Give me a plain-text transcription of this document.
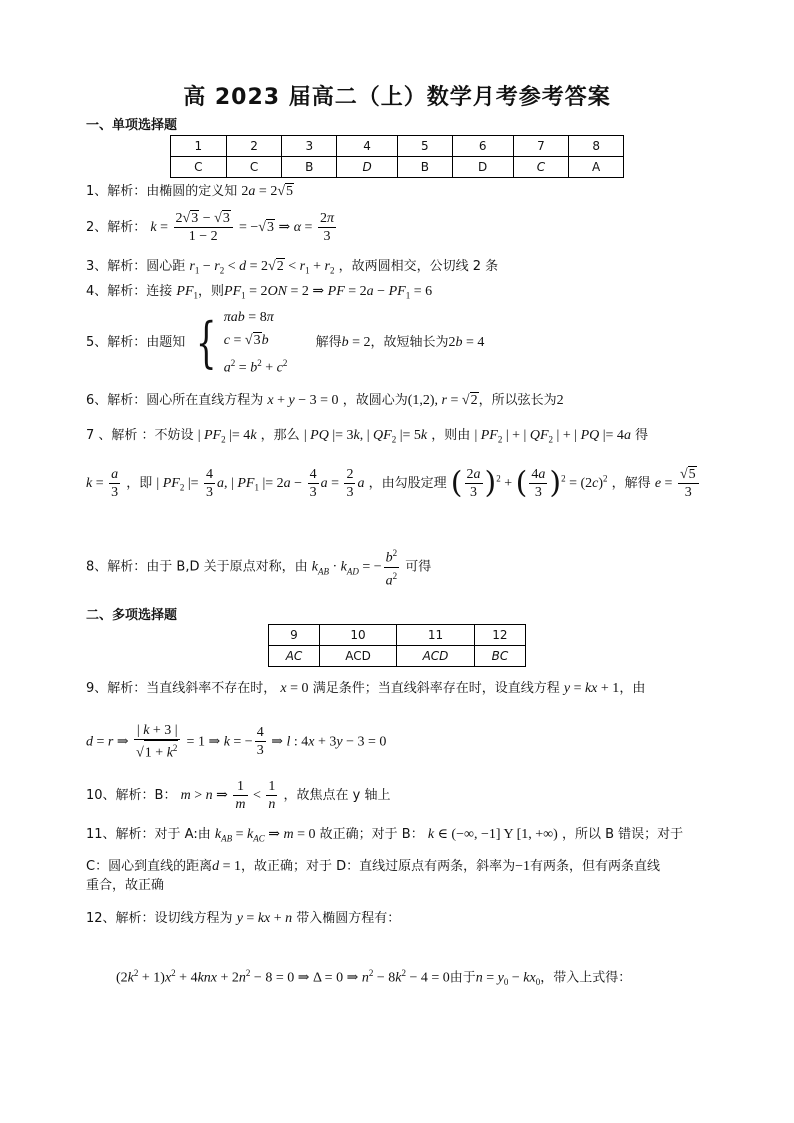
高 2023 届高二（上）数学月考参考答案
一、单项选择题
1	2	3	4	5	6	7	8
C	C	B	D	B	D	C	A
1、解析：由椭圆的定义知 2a = 2√5
2、解析： $k = \frac{2√3 - √3}{1 - 2} = -√3$ ⇒ $\alpha = \frac{2\pi}{3}$
3、解析：圆心距 $r_1 - r_2 < d = 2√2 < r_1 + r_2$ ，故两圆相交，公切线 2 条
4、解析：连接 $PF_1$，则$PF_1 = 2ON = 2$ ⇒ PF = $2a - PF_1 = 6$
5、解析：由题知 { πab = 8π
c = √3b
$a^2 = b^2 + c^2$  解得b = 2，故短轴长为2b = 4
6、解析：圆心所在直线方程为 x + y − 3 = 0 ，故圆心为(1,2), r = √2，所以弦长为2
7 、解析 ：不妨设 | $PF_2$ |= 4k ，那么 | PQ |= 3k, | $QF_2$ |= 5k ，则由 | $PF_2$ | + | $QF_2$ | + | PQ |= 4a 得
$k = \frac{a}{3}$ ，即 | $PF_2$ |= $\frac{4}{3} a$, | $PF_1$ |= $2a - \frac{4}{3}$ $a = \frac{2}{3}$ a ，由勾股定理 ( $\frac{2a}{3} )^2$ + ( $\frac{4a}{3} )^2 = (2c)^2$ ，解得 $e = \frac{√5}{3}$
8、解析：由于 B,D 关于原点对称，由 $k_{AB} \cdot k_{AD}$ = − $\frac{b^2}{a^2}$ 可得
二、多项选择题
9	10	11	12
AC	ACD	ACD	BC
9、解析：当直线斜率不存在时， x = 0 满足条件；当直线斜率存在时，设直线方程 y = kx + 1，由
d = r ⇒ $\frac{| k + 3 |}{√1 + k^2} = 1$ ⇒ k = − $\frac{4}{3}$ ⇒ l : 4x + 3y − 3 = 0
10、解析：B： m > n ⇒ $\frac{1}{m} < \frac{1}{n}$ ，故焦点在 y 轴上
11、解析：对于 A:由 $k_{AB} = k_{AC}$ ⇒ m = 0 故正确；对于 B： k ∈ (−∞, −1] Y [1, +∞) ，所以 B 错误；对于
C：圆心到直线的距离d = 1，故正确；对于 D：直线过原点有两条，斜率为−1有两条，但有两条直线
重合，故正确
12、解析：设切线方程为 y = kx + n 带入椭圆方程有：
$(2k^2 + 1)x^2 + 4knx + 2n^2 - 8 = 0$ ⇒ Δ = 0 ⇒ $n^2 - 8k^2 - 4 = 0$由于$n = y_0 - kx_0$，带入上式得：
